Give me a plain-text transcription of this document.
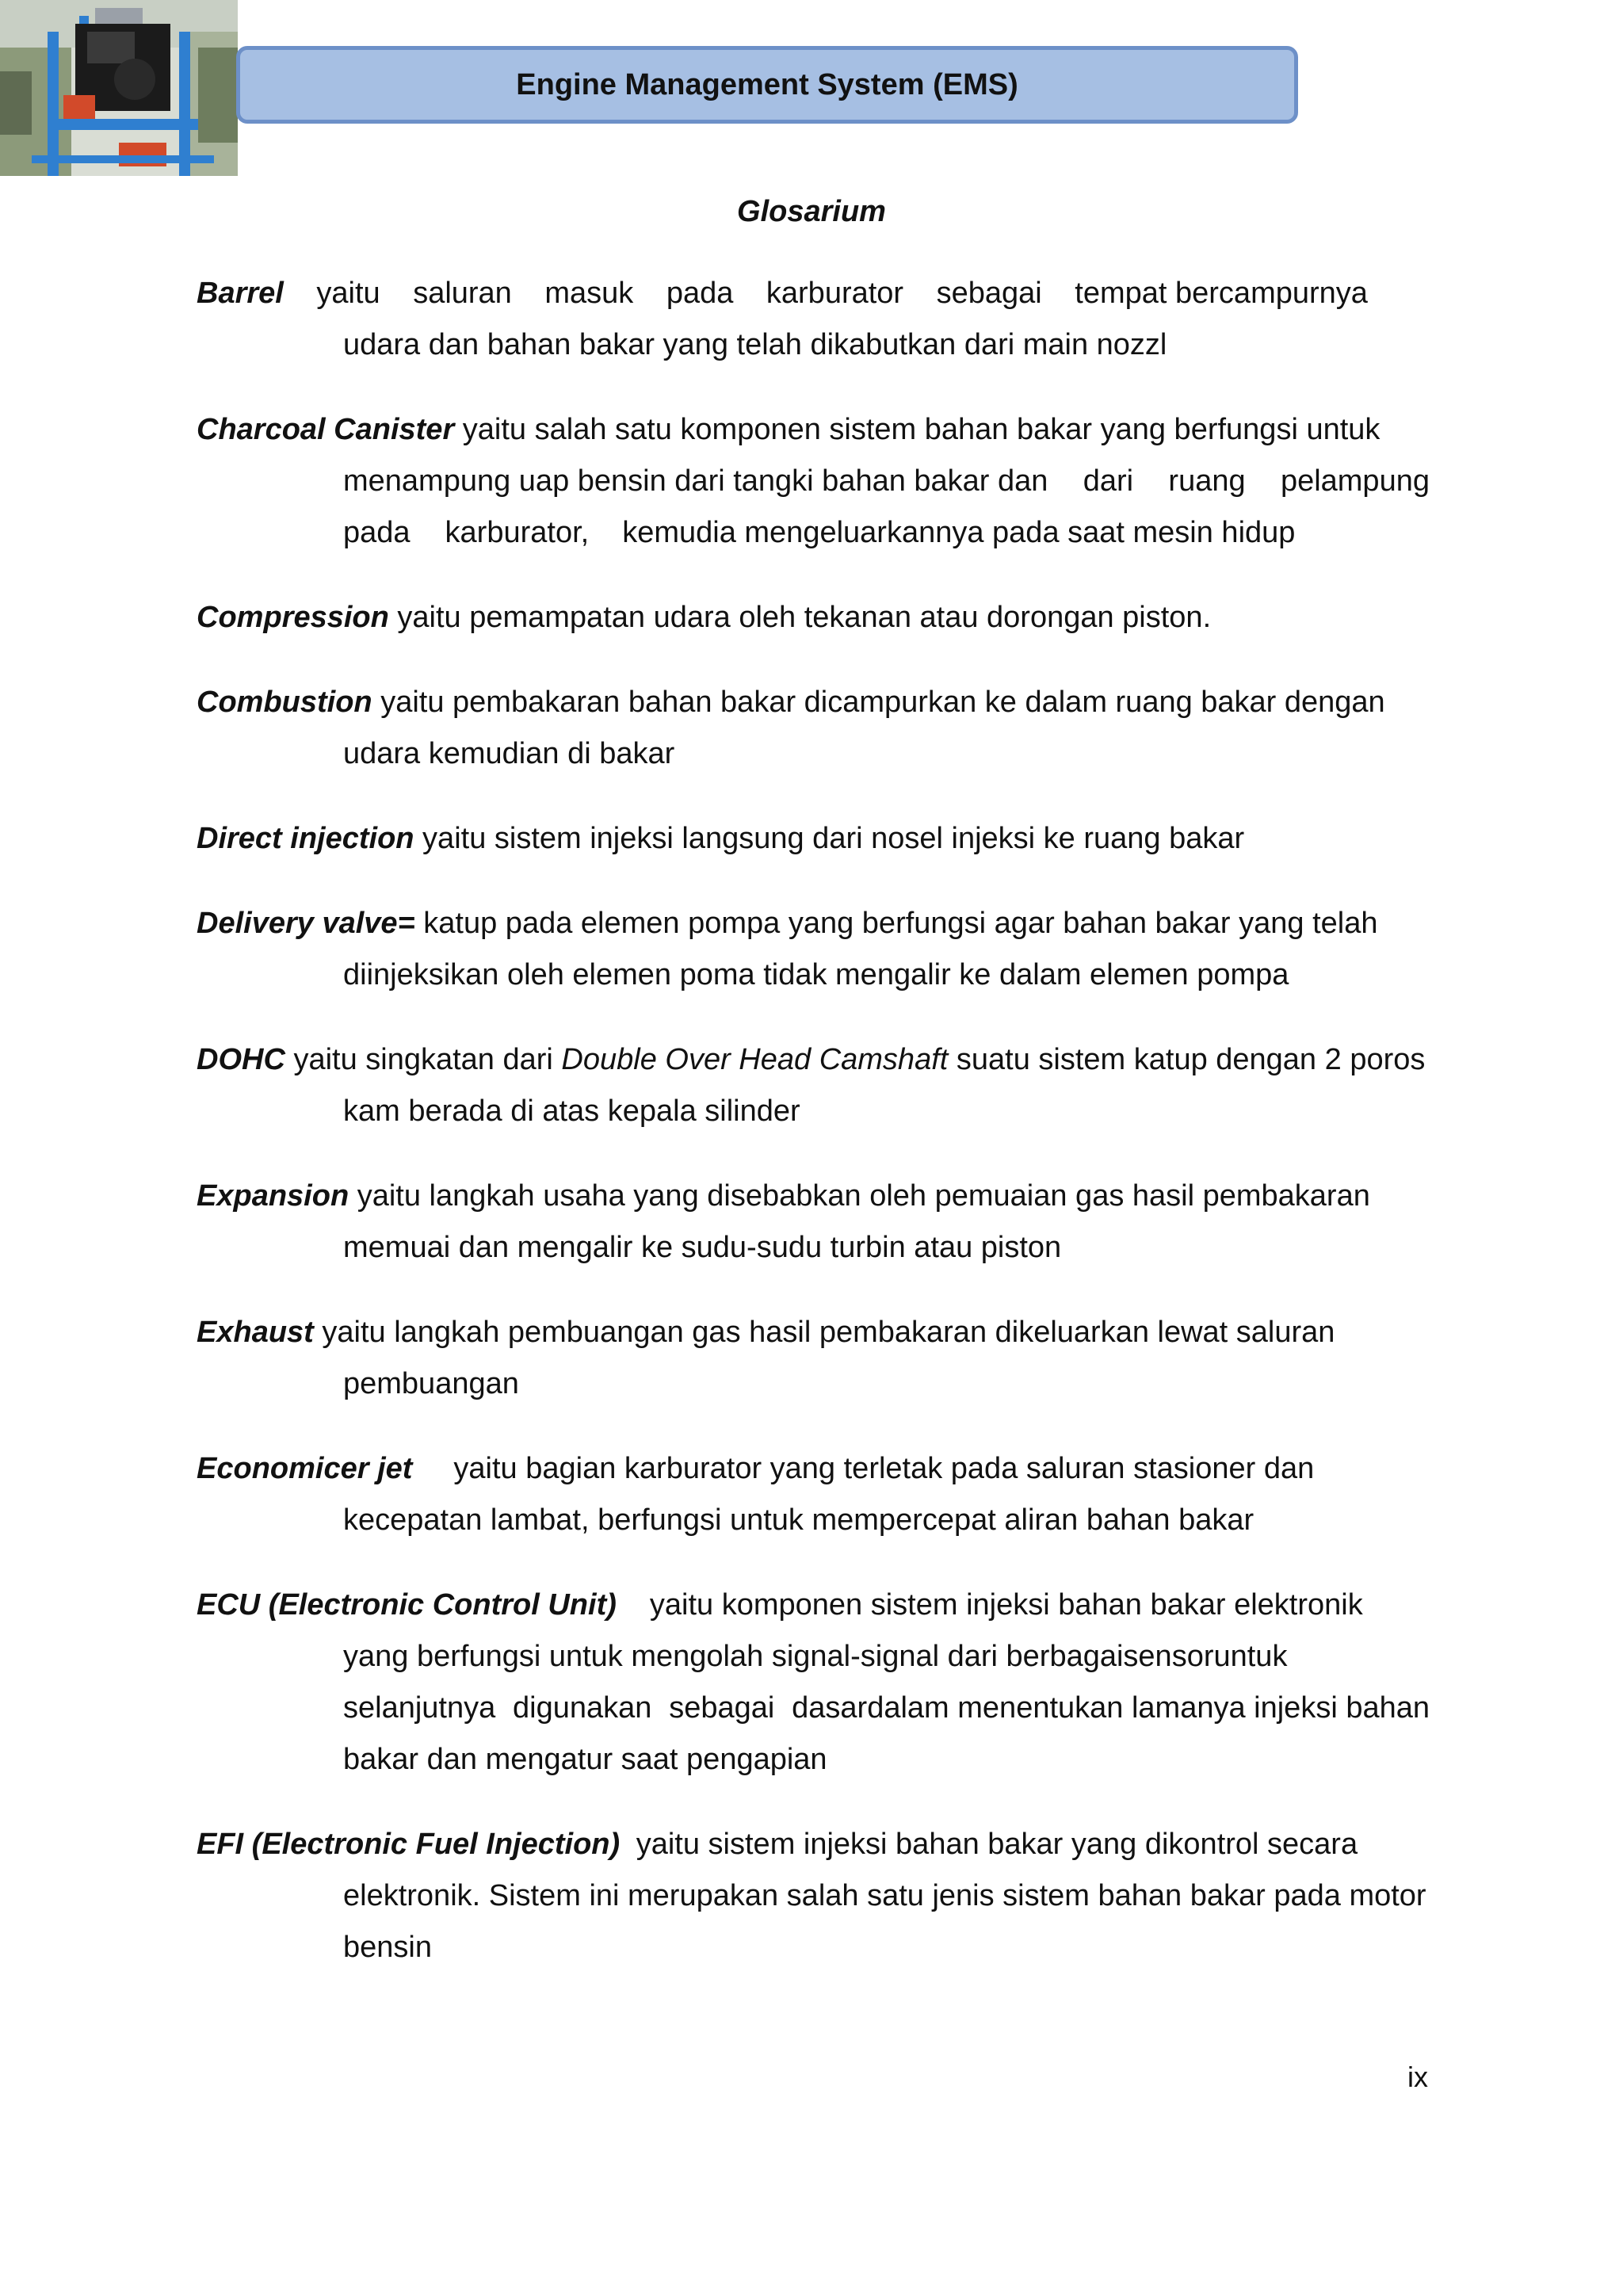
Engine Management System (EMS)
Glosarium
Barrel yaitu saluran masuk pada karburator sebagai tempat bercampurnya
udara dan bahan bakar yang telah dikabutkan dari main nozzl
Charcoal Canister yaitu salah satu komponen sistem bahan bakar yang berfungsi untuk
menampung uap bensin dari tangki bahan bakar dan dari ruang pelampung
pada karburator, kemudia mengeluarkannya pada saat mesin hidup
Compression yaitu pemampatan udara oleh tekanan atau dorongan piston.
Combustion yaitu pembakaran bahan bakar dicampurkan ke dalam ruang bakar dengan
udara kemudian di bakar
Direct injection yaitu sistem injeksi langsung dari nosel injeksi ke ruang bakar
Delivery valve= katup pada elemen pompa yang berfungsi agar bahan bakar yang telah
diinjeksikan oleh elemen poma tidak mengalir ke dalam elemen pompa
DOHC yaitu singkatan dari Double Over Head Camshaft suatu sistem katup dengan 2 poros
kam berada di atas kepala silinder
Expansion yaitu langkah usaha yang disebabkan oleh pemuaian gas hasil pembakaran
memuai dan mengalir ke sudu-sudu turbin atau piston
Exhaust yaitu langkah pembuangan gas hasil pembakaran dikeluarkan lewat saluran
pembuangan
Economicer jet yaitu bagian karburator yang terletak pada saluran stasioner dan
kecepatan lambat, berfungsi untuk mempercepat aliran bahan bakar
ECU (Electronic Control Unit) yaitu komponen sistem injeksi bahan bakar elektronik
yang berfungsi untuk mengolah signal-signal dari berbagai sensor untuk
selanjutnya digunakan sebagai dasardalam menentukan lamanya injeksi bahan
bakar dan mengatur saat pengapian
EFI (Electronic Fuel Injection) yaitu sistem injeksi bahan bakar yang dikontrol secara
elektronik. Sistem ini merupakan salah satu jenis sistem bahan bakar pada motor
bensin
ix
